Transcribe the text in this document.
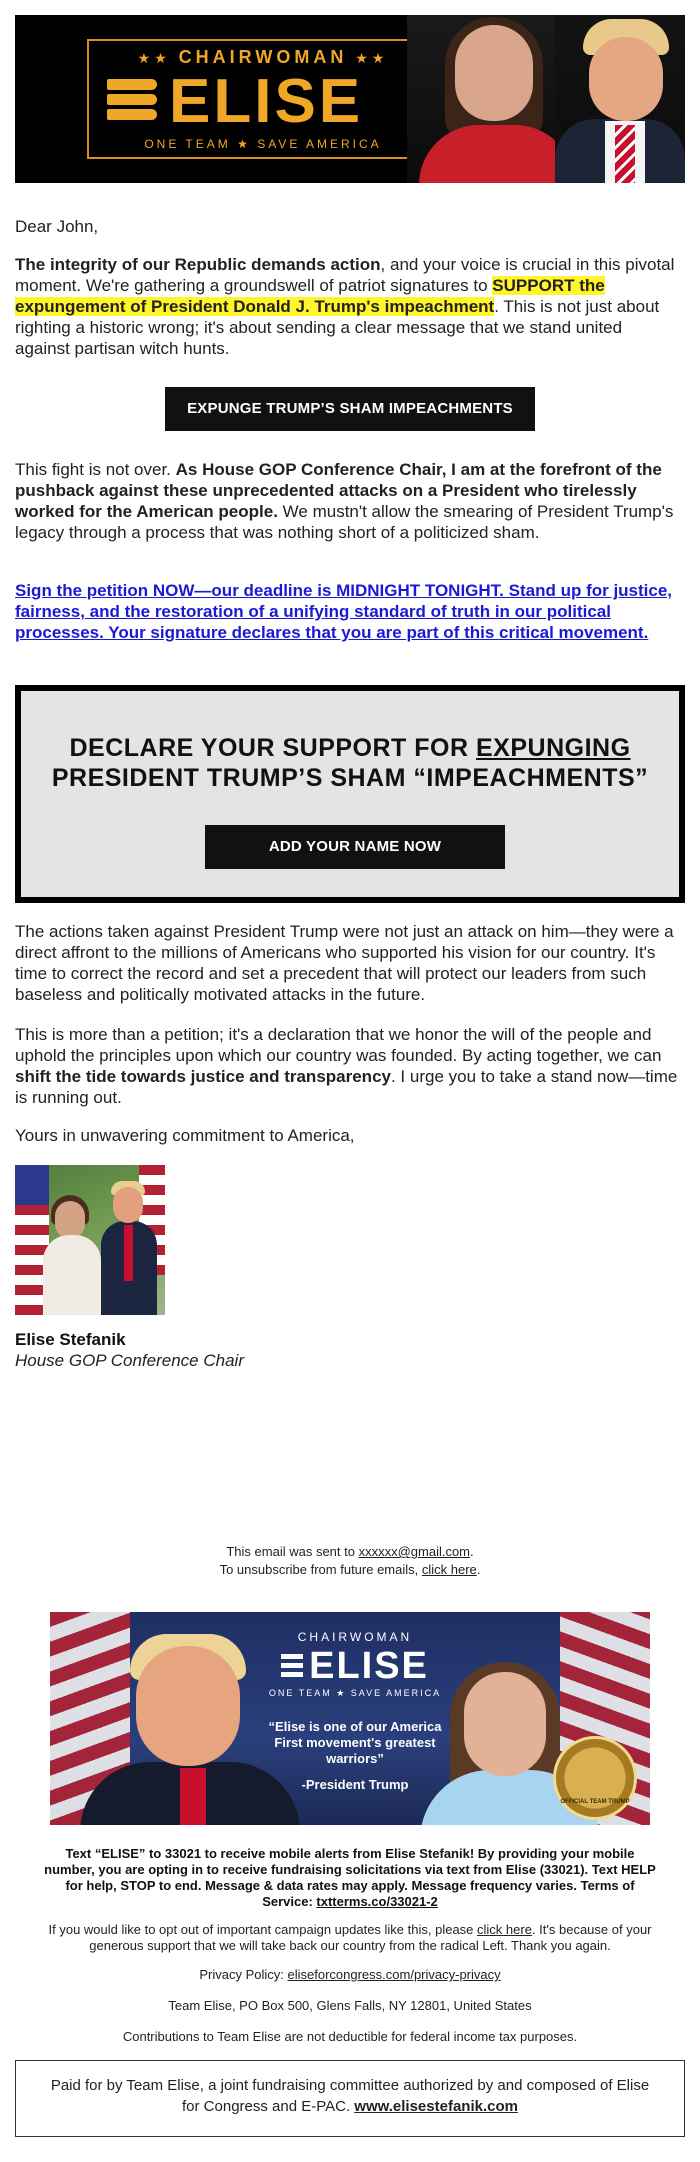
★★ CHAIRWOMAN ★★
ELISE
ONE TEAM ★ SAVE AMERICA
Dear John,
The integrity of our Republic demands action, and your voice is crucial in this pivotal moment. We're gathering a groundswell of patriot signatures to SUPPORT the expungement of President Donald J. Trump's impeachment. This is not just about righting a historic wrong; it's about sending a clear message that we stand united against partisan witch hunts.
EXPUNGE TRUMP’S SHAM IMPEACHMENTS
This fight is not over. As House GOP Conference Chair, I am at the forefront of the pushback against these unprecedented attacks on a President who tirelessly worked for the American people. We mustn't allow the smearing of President Trump's legacy through a process that was nothing short of a politicized sham.
Sign the petition NOW—our deadline is MIDNIGHT TONIGHT. Stand up for justice, fairness, and the restoration of a unifying standard of truth in our political processes. Your signature declares that you are part of this critical movement.
DECLARE YOUR SUPPORT FOR EXPUNGING
PRESIDENT TRUMP’S SHAM “IMPEACHMENTS”
ADD YOUR NAME NOW
The actions taken against President Trump were not just an attack on him—they were a direct affront to the millions of Americans who supported his vision for our country. It's time to correct the record and set a precedent that will protect our leaders from such baseless and politically motivated attacks in the future.
This is more than a petition; it's a declaration that we honor the will of the people and uphold the principles upon which our country was founded. By acting together, we can shift the tide towards justice and transparency. I urge you to take a stand now—time is running out.
Yours in unwavering commitment to America,
Elise Stefanik
House GOP Conference Chair
This email was sent to xxxxxx@gmail.com.
To unsubscribe from future emails, click here.
CHAIRWOMAN
ELISE
ONE TEAM ★ SAVE AMERICA
“Elise is one of our America First movement's greatest warriors”
-President Trump
OFFICIAL TEAM TRUMP
Text “ELISE” to 33021 to receive mobile alerts from Elise Stefanik! By providing your mobile number, you are opting in to receive fundraising solicitations via text from Elise (33021). Text HELP for help, STOP to end. Message & data rates may apply. Message frequency varies. Terms of Service: txtterms.co/33021-2
If you would like to opt out of important campaign updates like this, please click here. It's because of your generous support that we will take back our country from the radical Left. Thank you again.
Privacy Policy: eliseforcongress.com/privacy-privacy
Team Elise, PO Box 500, Glens Falls, NY 12801, United States
Contributions to Team Elise are not deductible for federal income tax purposes.
Paid for by Team Elise, a joint fundraising committee authorized by and composed of Elise for Congress and E-PAC. www.elisestefanik.com
